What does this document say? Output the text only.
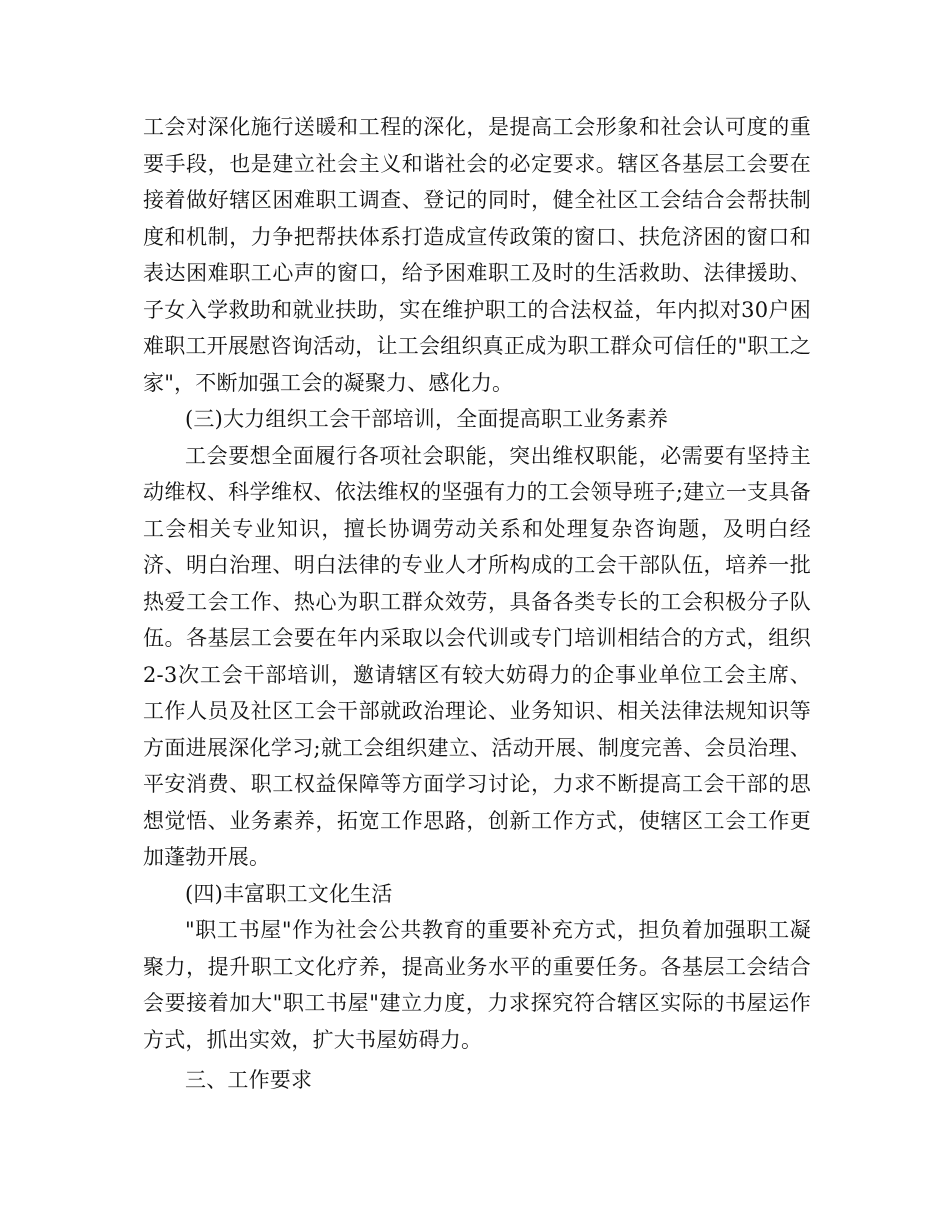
工会对深化施行送暖和工程的深化，是提高工会形象和社会认可度的重要手段，也是建立社会主义和谐社会的必定要求。辖区各基层工会要在接着做好辖区困难职工调查、登记的同时，健全社区工会结合会帮扶制度和机制，力争把帮扶体系打造成宣传政策的窗口、扶危济困的窗口和表达困难职工心声的窗口，给予困难职工及时的生活救助、法律援助、子女入学救助和就业扶助，实在维护职工的合法权益，年内拟对30户困难职工开展慰咨询活动，让工会组织真正成为职工群众可信任的"职工之家"，不断加强工会的凝聚力、感化力。

(三)大力组织工会干部培训，全面提高职工业务素养

工会要想全面履行各项社会职能，突出维权职能，必需要有坚持主动维权、科学维权、依法维权的坚强有力的工会领导班子;建立一支具备工会相关专业知识，擅长协调劳动关系和处理复杂咨询题，及明白经济、明白治理、明白法律的专业人才所构成的工会干部队伍，培养一批热爱工会工作、热心为职工群众效劳，具备各类专长的工会积极分子队伍。各基层工会要在年内采取以会代训或专门培训相结合的方式，组织2-3次工会干部培训，邀请辖区有较大妨碍力的企事业单位工会主席、工作人员及社区工会干部就政治理论、业务知识、相关法律法规知识等方面进展深化学习;就工会组织建立、活动开展、制度完善、会员治理、平安消费、职工权益保障等方面学习讨论，力求不断提高工会干部的思想觉悟、业务素养，拓宽工作思路，创新工作方式，使辖区工会工作更加蓬勃开展。

(四)丰富职工文化生活

"职工书屋"作为社会公共教育的重要补充方式，担负着加强职工凝聚力，提升职工文化疗养，提高业务水平的重要任务。各基层工会结合会要接着加大"职工书屋"建立力度，力求探究符合辖区实际的书屋运作方式，抓出实效，扩大书屋妨碍力。

三、工作要求
